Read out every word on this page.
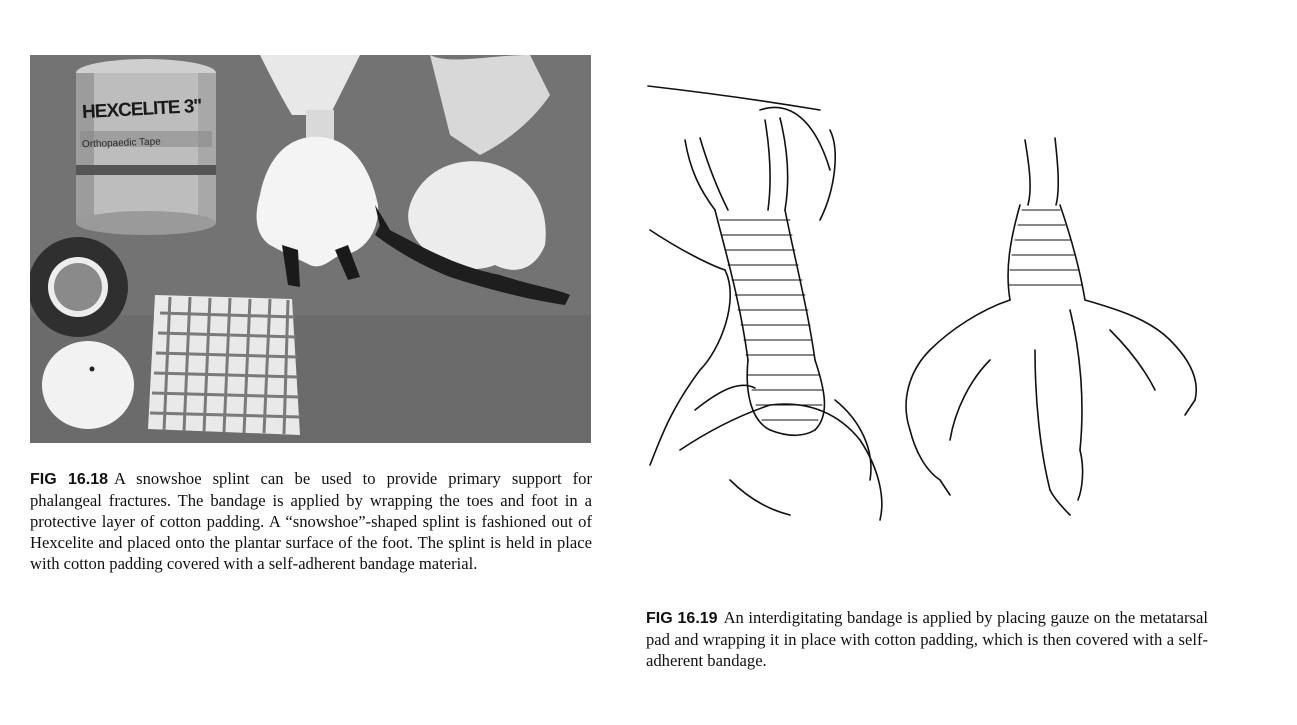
HEXCELITE 3"
Orthopaedic Tape
FIG 16.18 A snowshoe splint can be used to provide primary support for phalangeal fractures. The bandage is applied by wrapping the toes and foot in a protective layer of cotton padding. A “snowshoe”-shaped splint is fashioned out of Hexcelite and placed onto the plantar surface of the foot. The splint is held in place with cotton padding covered with a self-adherent bandage material.
FIG 16.19 An interdigitating bandage is applied by placing gauze on the metatarsal pad and wrapping it in place with cotton padding, which is then covered with a self-adherent bandage.
